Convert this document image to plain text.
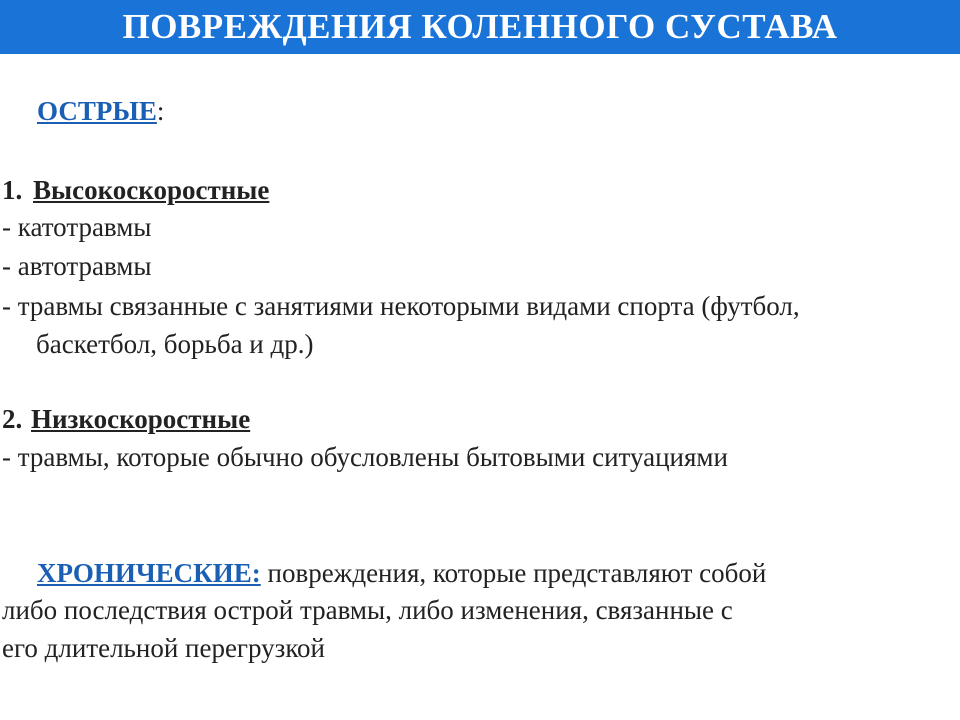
ПОВРЕЖДЕНИЯ КОЛЕННОГО СУСТАВА
ОСТРЫЕ:
1. Высокоскоростные
- катотравмы
- автотравмы
- травмы связанные с занятиями некоторыми видами спорта (футбол,
баскетбол, борьба и др.)
2. Низкоскоростные
- травмы, которые обычно обусловлены бытовыми ситуациями
ХРОНИЧЕСКИЕ: повреждения, которые представляют собой
либо последствия острой травмы, либо изменения, связанные с
его длительной перегрузкой
